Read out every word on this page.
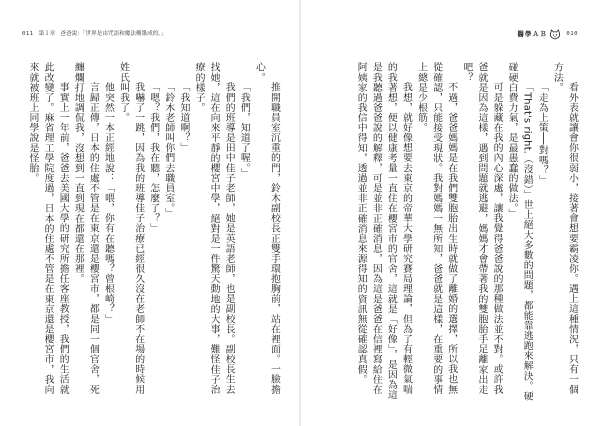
011 第１章 爸爸說：「世界是由咒語和魔法構築成的。」

推開職員室沉重的門，鈴木副校長正雙手環抱胸前，站在裡面。一臉擔心。

「我們，知道了喔。」

我們的班導是田中佳子老師，她是英語老師，也是副校長。副校長生去找她，這在向來平靜的櫻宮中學，絕對是一件驚天動地的大事，難怪佳子治療的樣子。

「我知道啊？」

「鈴木老師叫你們去職員室。」

「嗯？我們，我在聽，怎麼了？」

我嚇了一跳，因為我的班導佳子治療已經很久沒在老師不在場的時候用姓氏叫我了。

他突然一本正經地說：「喂，你有在聽嗎？曾根崎？」

言歸正傳，日本的住處不管是在東京還是櫻宮市，都是同一個官舍，死纏爛打地調侃我，沒想到一直到現在都還在那裡。

事實上一年前，爸爸去美國大學的研究所擔任客座教授，我們的生活就此改變了。麻省理工學院度過，日本的住處不管是在東京還是櫻宮市，我向來就被班上同學說是怪胎。

醫學ＡＢ	010

看外表就讓會你很弱小，接著會想要霸凌你。遇上這種情況，只有一個方法。

「走為上策──對嗎？」

「That's right.（沒錯）」世上絕大多數的問題，都能靠逃跑來解決。硬碰硬白費力氣，是最愚蠢的做法。」

可是躲藏在我的內心深處，讓我覺得爸爸說的那種做法並不對。或許我爸就是因為這樣，遇到問題就逃避，媽媽才會帶著我的雙胞胎手足離家出走吧？

不過，爸爸媽媽是在我們雙胞胎出生時就做了離婚的選擇，所以我也無從確認，只能接受現狀。我對媽媽一無所知，爸爸就是這樣，在重要的事情上總是少根筋。

我想，就好像想要去東京的帝華大學研究賽局理論，但為了有輕微氣喘的我著想，便以健康考量一直住在櫻宮市的官舍，這就是「好像」，是因為這是我聽過爸爸說的解釋，可是並非正確消息，因為這是爸爸在信裡寫給住在阿姨家的我信中得知，透過並非正確消息來源得知的資訊無從確認真假。
